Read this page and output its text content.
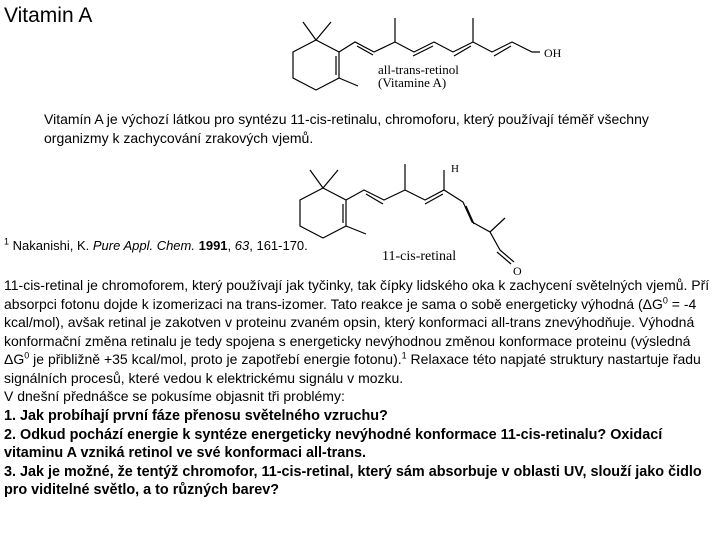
Vitamin A
OH
all-trans-retinol
(Vitamine A)
Vitamín A je výchozí látkou pro syntézu 11-cis-retinalu, chromoforu, který používají téměř všechny organizmy k zachycování zrakových vjemů.
H
O
11-cis-retinal
$^1$ Nakanishi, K. Pure Appl. Chem. 1991, 63, 161-170.

11-cis-retinal je chromoforem, který používají jak tyčinky, tak čípky lidského oka k zachycení světelných vjemů. Pří absorpci fotonu dojde k izomerizaci na trans-izomer. Tato reakce je sama o sobě energeticky výhodná ($\Delta G^0 = -4$ kcal/mol), avšak retinal je zakotven v proteinu zvaném opsin, který konformaci all-trans znevýhodňuje. Výhodná konformační změna retinalu je tedy spojena s energeticky nevýhodnou změnou konformace proteinu (výsledná $\Delta G^0$ je přibližně +35 kcal/mol, proto je zapotřebí energie fotonu).$^1$ Relaxace této napjaté struktury nastartuje řadu signálních procesů, které vedou k elektrickému signálu v mozku.

V dnešní přednášce se pokusíme objasnit tři problémy:

1. Jak probíhají první fáze přenosu světelného vzruchu?

2. Odkud pochází energie k syntéze energeticky nevýhodné konformace 11-cis-retinalu? Oxidací vitaminu A vzniká retinol ve své konformaci all-trans.

3. Jak je možné, že tentýž chromofor, 11-cis-retinal, který sám absorbuje v oblasti UV, slouží jako čidlo pro viditelné světlo, a to různých barev?
